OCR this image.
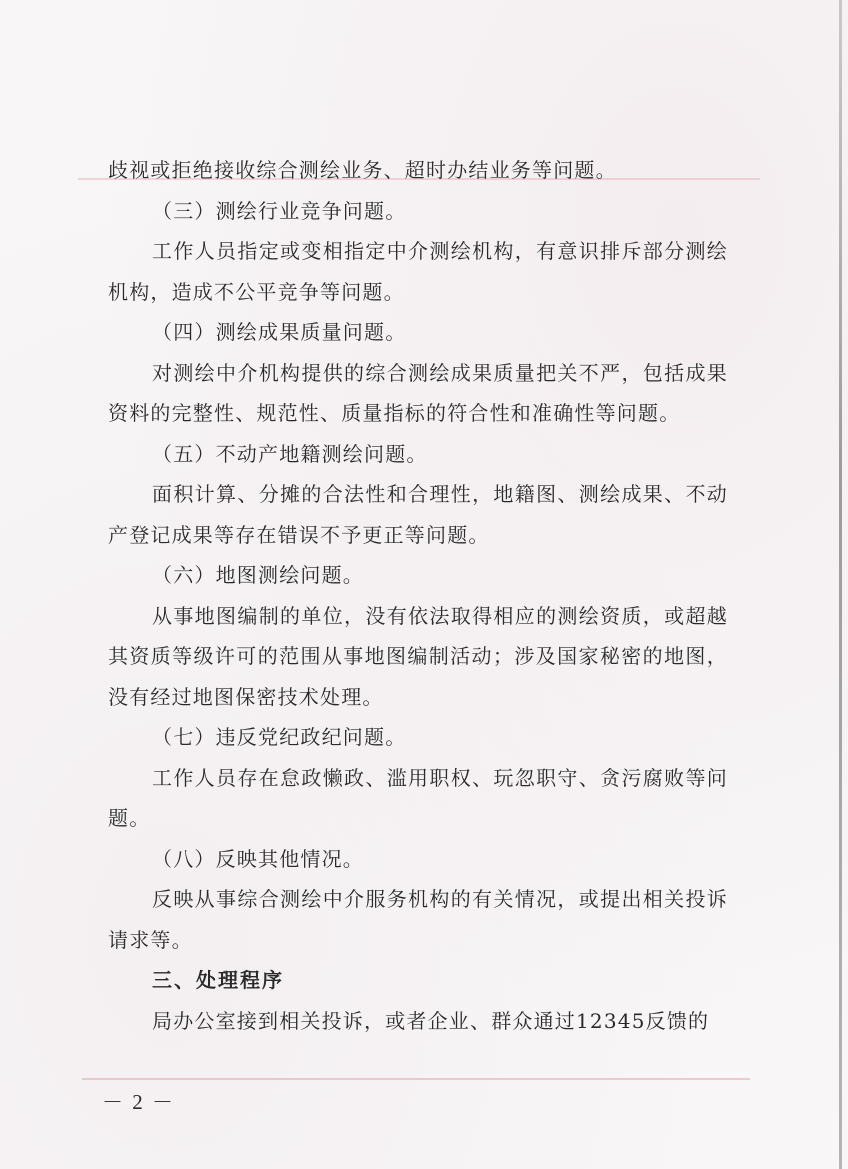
歧视或拒绝接收综合测绘业务、超时办结业务等问题。

（三）测绘行业竞争问题。

工作人员指定或变相指定中介测绘机构，有意识排斥部分测绘机构，造成不公平竞争等问题。

（四）测绘成果质量问题。

对测绘中介机构提供的综合测绘成果质量把关不严，包括成果资料的完整性、规范性、质量指标的符合性和准确性等问题。

（五）不动产地籍测绘问题。

面积计算、分摊的合法性和合理性，地籍图、测绘成果、不动产登记成果等存在错误不予更正等问题。

（六）地图测绘问题。

从事地图编制的单位，没有依法取得相应的测绘资质，或超越其资质等级许可的范围从事地图编制活动；涉及国家秘密的地图，没有经过地图保密技术处理。

（七）违反党纪政纪问题。

工作人员存在怠政懒政、滥用职权、玩忽职守、贪污腐败等问题。

（八）反映其他情况。

反映从事综合测绘中介服务机构的有关情况，或提出相关投诉请求等。

三、处理程序

局办公室接到相关投诉，或者企业、群众通过12345反馈的

－ 2 －
